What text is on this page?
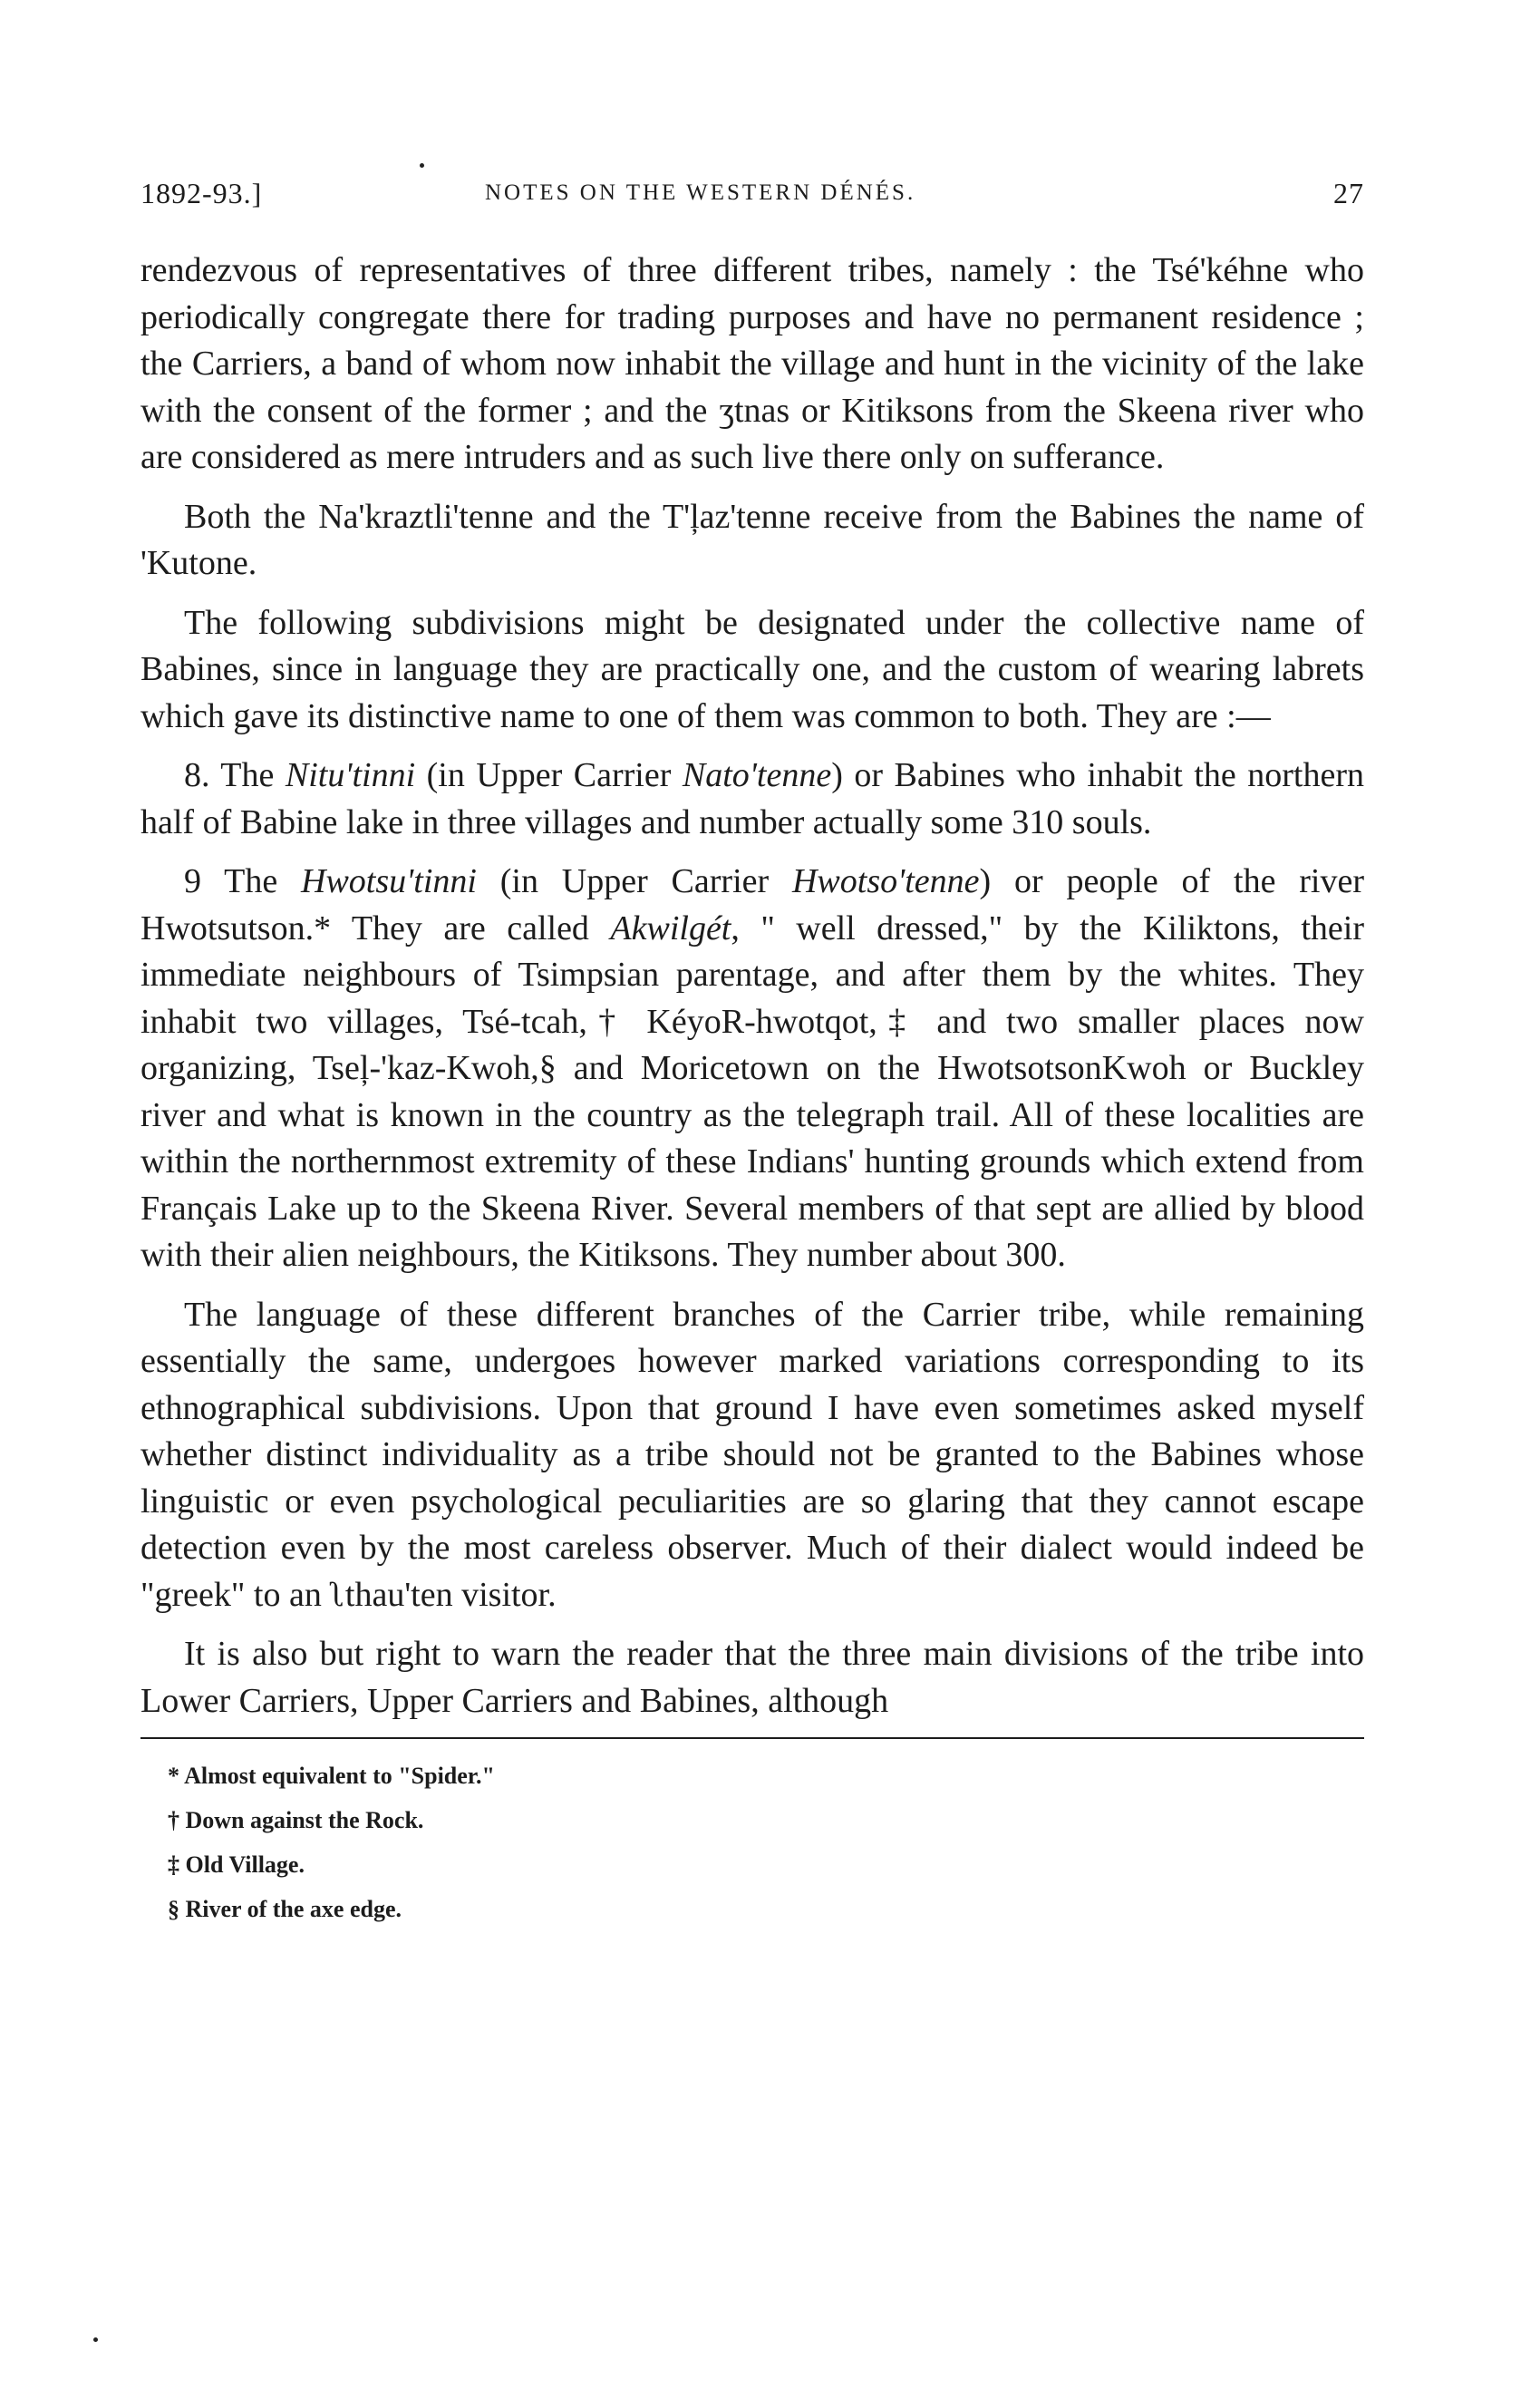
1892-93.]	NOTES ON THE WESTERN DÉNÉS.	27

rendezvous of representatives of three different tribes, namely : the Tsé'kéhne who periodically congregate there for trading purposes and have no permanent residence ; the Carriers, a band of whom now inhabit the village and hunt in the vicinity of the lake with the consent of the former ; and the ʒtnas or Kitiksons from the Skeena river who are considered as mere intruders and as such live there only on sufferance.

Both the Na'kraztli'tenne and the T'ļaz'tenne receive from the Babines the name of 'Kutone.

The following subdivisions might be designated under the collective name of Babines, since in language they are practically one, and the custom of wearing labrets which gave its distinctive name to one of them was common to both. They are :—

8. The Nitu'tinni (in Upper Carrier Nato'tenne) or Babines who inhabit the northern half of Babine lake in three villages and number actually some 310 souls.

9 The Hwotsu'tinni (in Upper Carrier Hwotso'tenne) or people of the river Hwotsutson.* They are called Akwilgét, " well dressed," by the Kiliktons, their immediate neighbours of Tsimpsian parentage, and after them by the whites. They inhabit two villages, Tsé-tcah,† KéyoR-hwotqot,‡ and two smaller places now organizing, Tseļ-'kaz-Kwoh,§ and Moricetown on the HwotsotsonKwoh or Buckley river and what is known in the country as the telegraph trail. All of these localities are within the northernmost extremity of these Indians' hunting grounds which extend from Français Lake up to the Skeena River. Several members of that sept are allied by blood with their alien neighbours, the Kitiksons. They number about 300.

The language of these different branches of the Carrier tribe, while remaining essentially the same, undergoes however marked variations corresponding to its ethnographical subdivisions. Upon that ground I have even sometimes asked myself whether distinct individuality as a tribe should not be granted to the Babines whose linguistic or even psychological peculiarities are so glaring that they cannot escape detection even by the most careless observer. Much of their dialect would indeed be "greek" to an ʅthau'ten visitor.

It is also but right to warn the reader that the three main divisions of the tribe into Lower Carriers, Upper Carriers and Babines, although

* Almost equivalent to "Spider."
† Down against the Rock.
‡ Old Village.
§ River of the axe edge.
